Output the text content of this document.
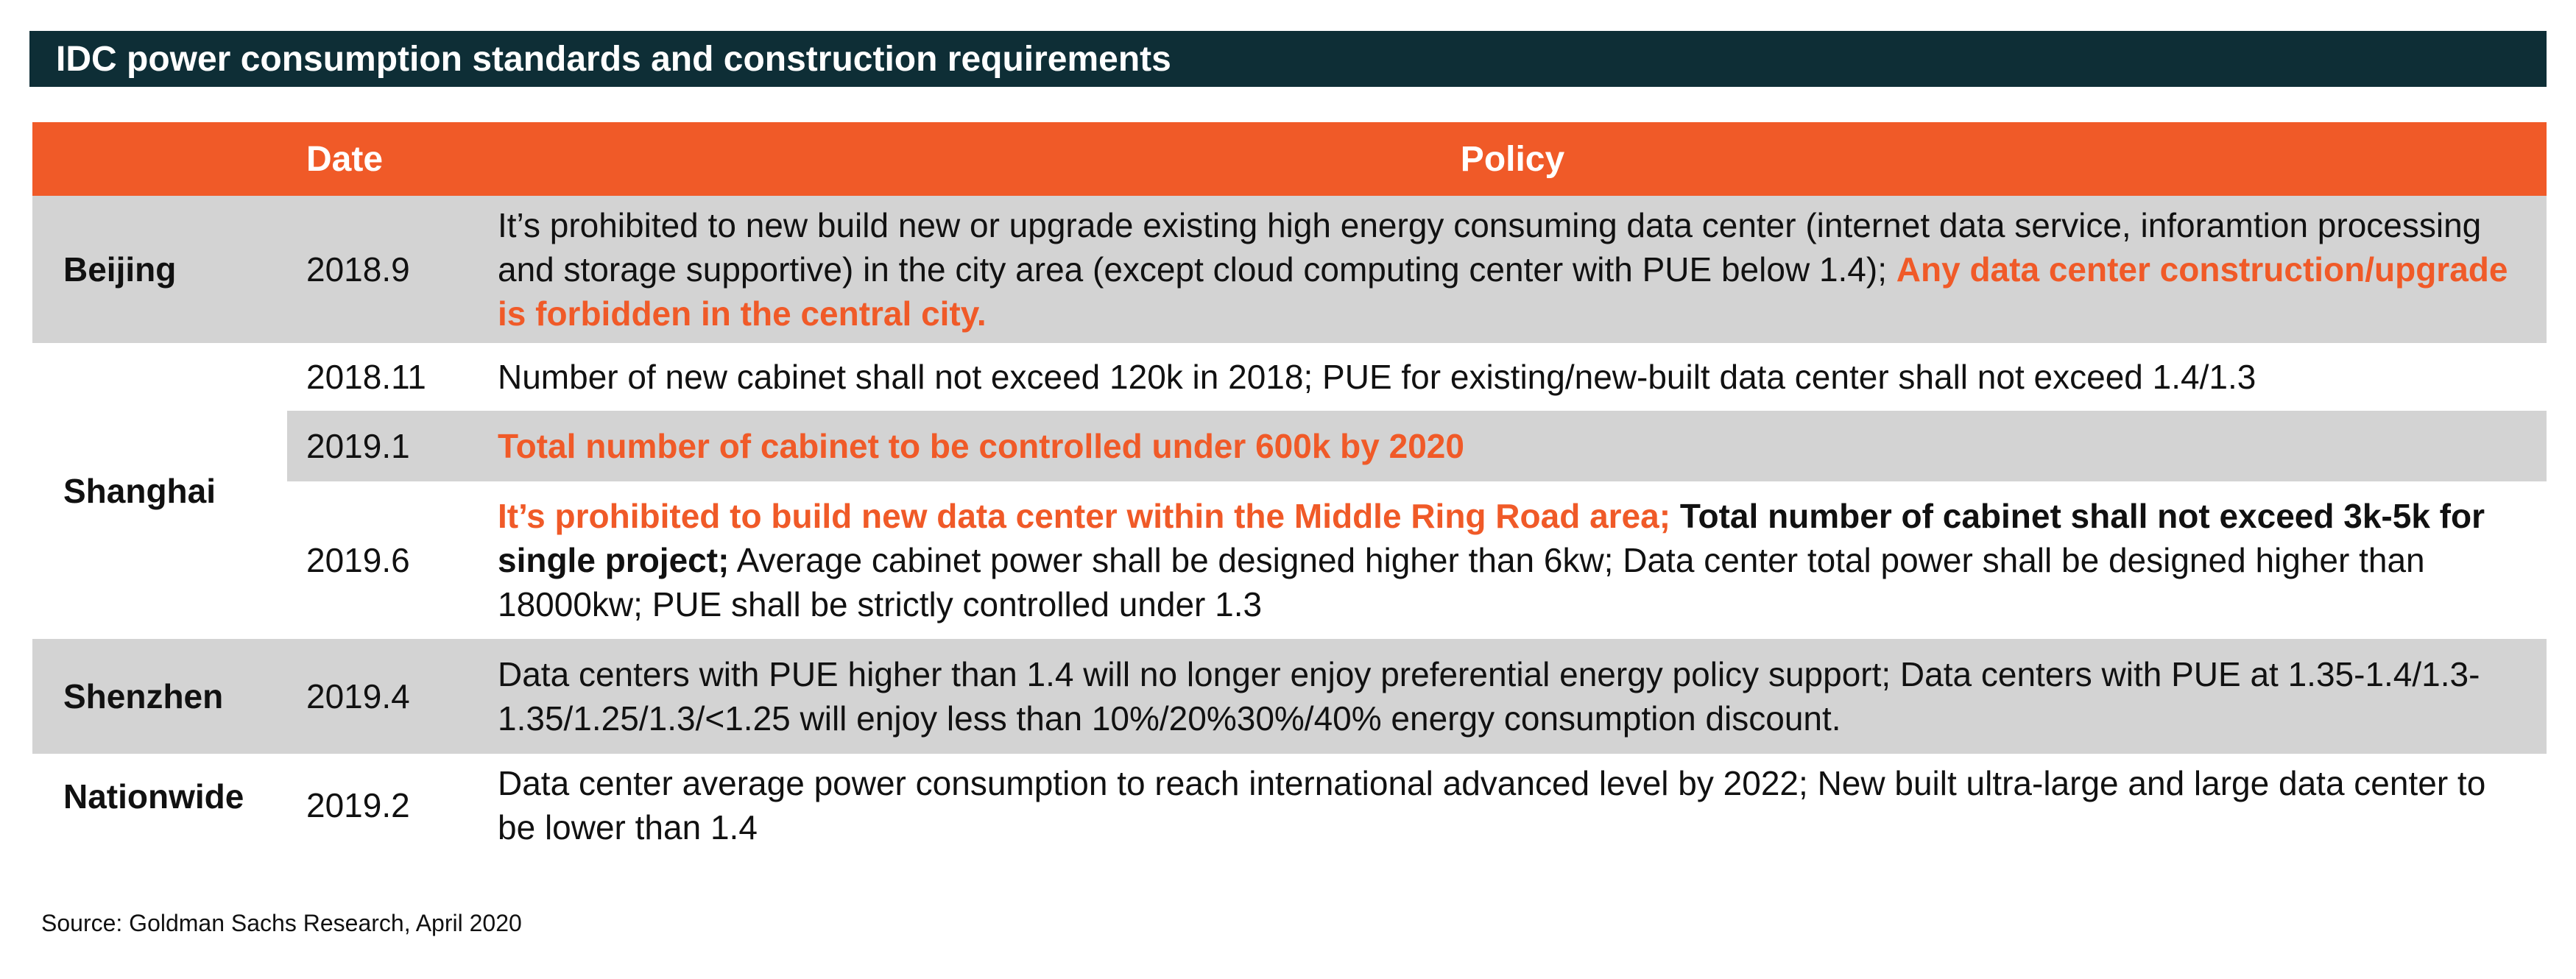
IDC power consumption standards and construction requirements
	Date	Policy
Beijing	2018.9	It’s prohibited to new build new or upgrade existing high energy consuming data center (internet data service, inforamtion processing and storage supportive) in the city area (except cloud computing center with PUE below 1.4); Any data center construction/upgrade is forbidden in the central city.
Shanghai	2018.11	Number of new cabinet shall not exceed 120k in 2018; PUE for existing/new-built data center shall not exceed 1.4/1.3
	2019.1	Total number of cabinet to be controlled under 600k by 2020
	2019.6	It’s prohibited to build new data center within the Middle Ring Road area; Total number of cabinet shall not exceed 3k-5k for single project; Average cabinet power shall be designed higher than 6kw; Data center total power shall be designed higher than 18000kw; PUE shall be strictly controlled under 1.3
Shenzhen	2019.4	Data centers with PUE higher than 1.4 will no longer enjoy preferential energy policy support; Data centers with PUE at 1.35-1.4/1.3-1.35/1.25/1.3/<1.25 will enjoy less than 10%/20%30%/40% energy consumption discount.
Nationwide	2019.2	Data center average power consumption to reach international advanced level by 2022; New built ultra-large and large data center to be lower than 1.4
Source: Goldman Sachs Research, April 2020
